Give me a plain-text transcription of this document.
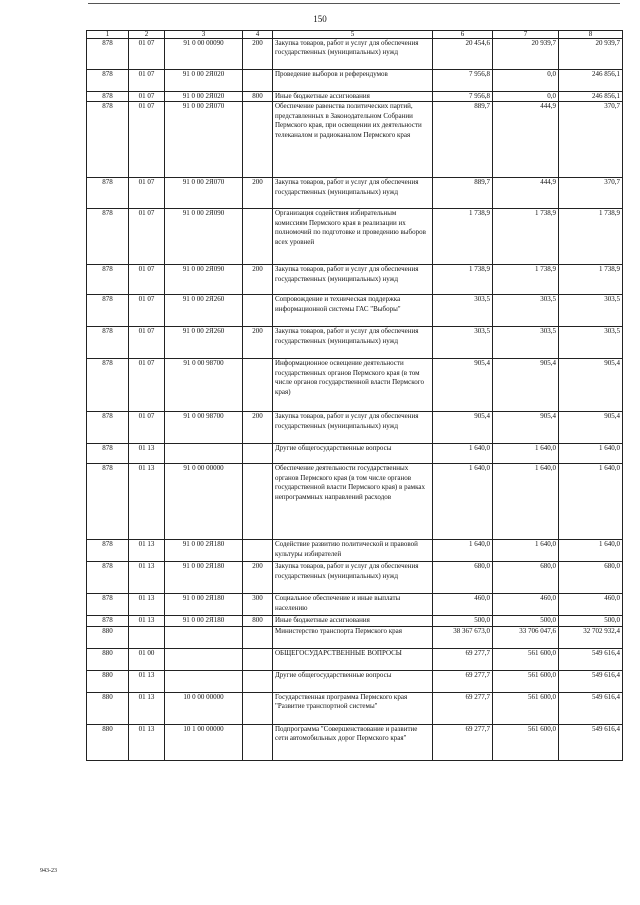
150
1	2	3	4	5	6	7	8
878	01 07	91 0 00 00090	200	Закупка товаров, работ и услуг для обеспечения государственных (муниципальных) нужд	20 454,6	20 939,7	20 939,7
878	01 07	91 0 00 2Я020		Проведение выборов и референдумов	7 956,8	0,0	246 856,1
878	01 07	91 0 00 2Я020	800	Иные бюджетные ассигнования	7 956,8	0,0	246 856,1
878	01 07	91 0 00 2Я070		Обеспечение равенства политических партий, представленных в Законодательном Собрании Пермского края, при освещении их деятельности телеканалом и радиоканалом Пермского края	889,7	444,9	370,7
878	01 07	91 0 00 2Я070	200	Закупка товаров, работ и услуг для обеспечения государственных (муниципальных) нужд	889,7	444,9	370,7
878	01 07	91 0 00 2Я090		Организация содействия избирательным комиссиям Пермского края в реализации их полномочий по подготовке и проведению выборов всех уровней	1 738,9	1 738,9	1 738,9
878	01 07	91 0 00 2Я090	200	Закупка товаров, работ и услуг для обеспечения государственных (муниципальных) нужд	1 738,9	1 738,9	1 738,9
878	01 07	91 0 00 2Я260		Сопровождение и техническая поддержка информационной системы ГАС "Выборы"	303,5	303,5	303,5
878	01 07	91 0 00 2Я260	200	Закупка товаров, работ и услуг для обеспечения государственных (муниципальных) нужд	303,5	303,5	303,5
878	01 07	91 0 00 98700		Информационное освещение деятельности государственных органов Пермского края (в том числе органов государственной власти Пермского края)	905,4	905,4	905,4
878	01 07	91 0 00 98700	200	Закупка товаров, работ и услуг для обеспечения государственных (муниципальных) нужд	905,4	905,4	905,4
878	01 13			Другие общегосударственные вопросы	1 640,0	1 640,0	1 640,0
878	01 13	91 0 00 00000		Обеспечение деятельности государственных органов Пермского края (в том числе органов государственной власти Пермского края) в рамках непрограммных направлений расходов	1 640,0	1 640,0	1 640,0
878	01 13	91 0 00 2Я180		Содействие развитию политической и правовой культуры избирателей	1 640,0	1 640,0	1 640,0
878	01 13	91 0 00 2Я180	200	Закупка товаров, работ и услуг для обеспечения государственных (муниципальных) нужд	680,0	680,0	680,0
878	01 13	91 0 00 2Я180	300	Социальное обеспечение и иные выплаты населению	460,0	460,0	460,0
878	01 13	91 0 00 2Я180	800	Иные бюджетные ассигнования	500,0	500,0	500,0
880				Министерство транспорта Пермского края	38 367 673,0	33 706 047,6	32 702 932,4
880	01 00			ОБЩЕГОСУДАРСТВЕННЫЕ ВОПРОСЫ	69 277,7	561 600,0	549 616,4
880	01 13			Другие общегосударственные вопросы	69 277,7	561 600,0	549 616,4
880	01 13	10 0 00 00000		Государственная программа Пермского края "Развитие транспортной системы"	69 277,7	561 600,0	549 616,4
880	01 13	10 1 00 00000		Подпрограмма "Совершенствование и развитие сети автомобильных дорог Пермского края"	69 277,7	561 600,0	549 616,4
943-23
